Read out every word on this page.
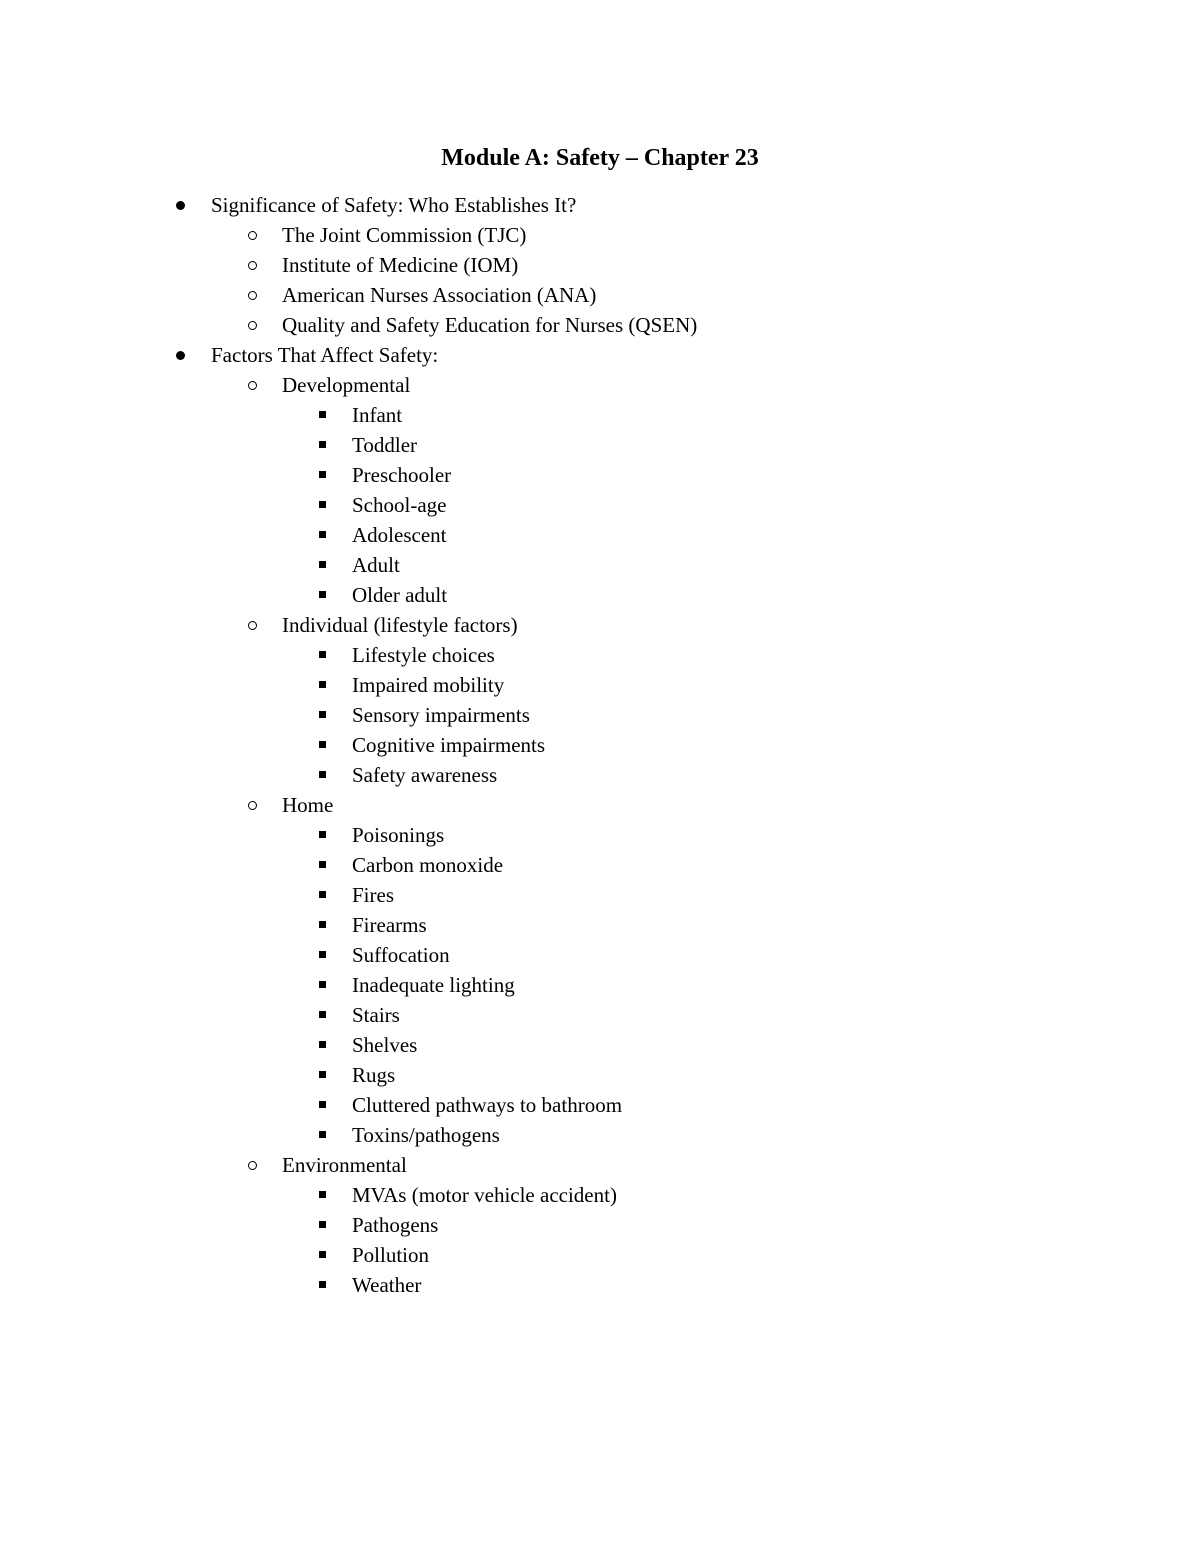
Module A: Safety – Chapter 23
Significance of Safety: Who Establishes It?
The Joint Commission (TJC)
Institute of Medicine (IOM)
American Nurses Association (ANA)
Quality and Safety Education for Nurses (QSEN)
Factors That Affect Safety:
Developmental
Infant
Toddler
Preschooler
School-age
Adolescent
Adult
Older adult
Individual (lifestyle factors)
Lifestyle choices
Impaired mobility
Sensory impairments
Cognitive impairments
Safety awareness
Home
Poisonings
Carbon monoxide
Fires
Firearms
Suffocation
Inadequate lighting
Stairs
Shelves
Rugs
Cluttered pathways to bathroom
Toxins/pathogens
Environmental
MVAs (motor vehicle accident)
Pathogens
Pollution
Weather
